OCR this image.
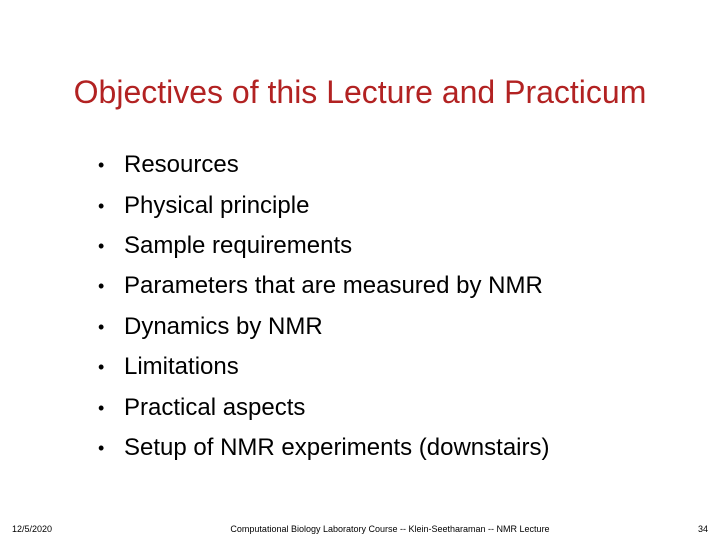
Objectives of this Lecture and Practicum
• Resources
• Physical principle
• Sample requirements
• Parameters that are measured by NMR
• Dynamics by NMR
• Limitations
• Practical aspects
• Setup of NMR experiments (downstairs)
12/5/2020	Computational Biology Laboratory Course -- Klein-Seetharaman -- NMR Lecture	34
